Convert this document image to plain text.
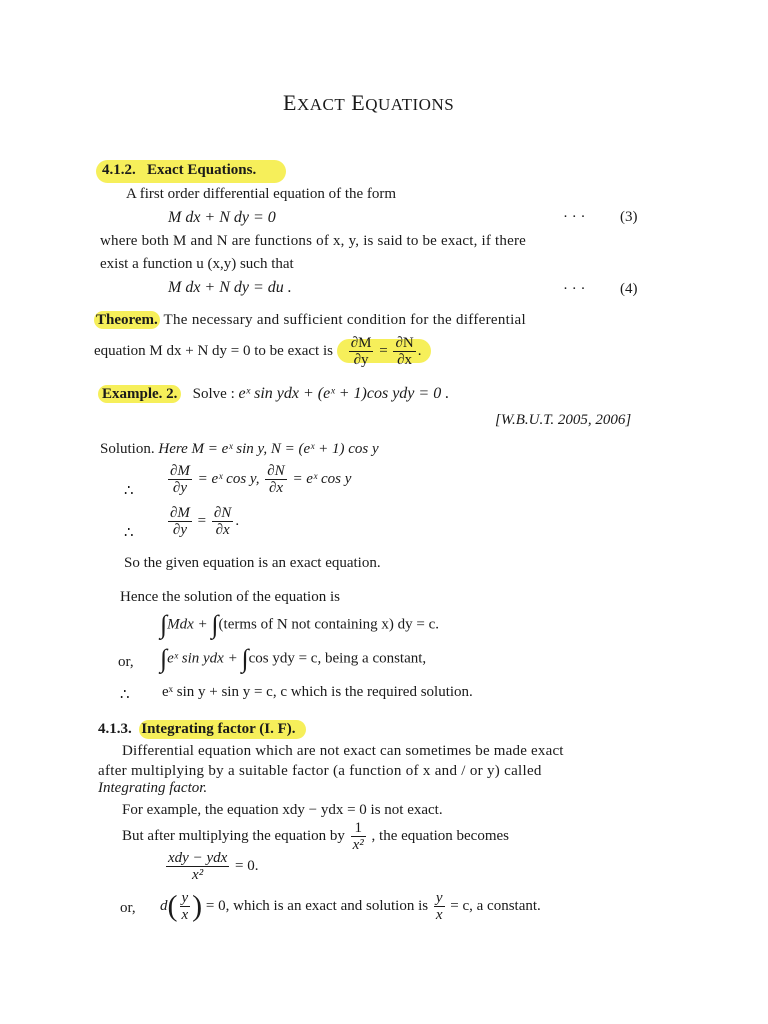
EXACT EQUATIONS
4.1.2. Exact Equations.
A first order differential equation of the form
M dx + N dy = 0	· · · (3)
where both M and N are functions of x, y, is said to be exact, if there
exist a function u (x,y) such that
M dx + N dy = du .	· · · (4)
Theorem. The necessary and sufficient condition for the differential
equation M dx + N dy = 0 to be exact is $\frac{\partial M}{\partial y} = \frac{\partial N}{\partial x}$ .
Example. 2. Solve : eˣ sin ydx + (eˣ + 1)cos ydy = 0 .
[W.B.U.T. 2005, 2006]
Solution. Here M = eˣ sin y, N = (eˣ + 1) cos y
∴ $\frac{\partial M}{\partial y}$ = eˣ cos y, $\frac{\partial N}{\partial x}$ = eˣ cos y
∴ $\frac{\partial M}{\partial y} = \frac{\partial N}{\partial x}$ .
So the given equation is an exact equation.
Hence the solution of the equation is
∫Mdx + ∫(terms of N not containing x) dy = c.
or, ∫eˣ sin ydx + ∫cos ydy = c, being a constant,
∴ eˣ sin y + sin y = c, c which is the required solution.
4.1.3. Integrating factor (I. F).
Differential equation which are not exact can sometimes be made exact
after multiplying by a suitable factor (a function of x and / or y) called
Integrating factor.
For example, the equation xdy − ydx = 0 is not exact.
But after multiplying the equation by $\frac{1}{\text{x²}}$ , the equation becomes
$\frac{\text{xdy − ydx}}{\text{x²}} = 0$.
or, $d( \frac{y}{x}$ ) = 0, which is an exact and solution is $\frac{y}{x} = c$, a constant.
